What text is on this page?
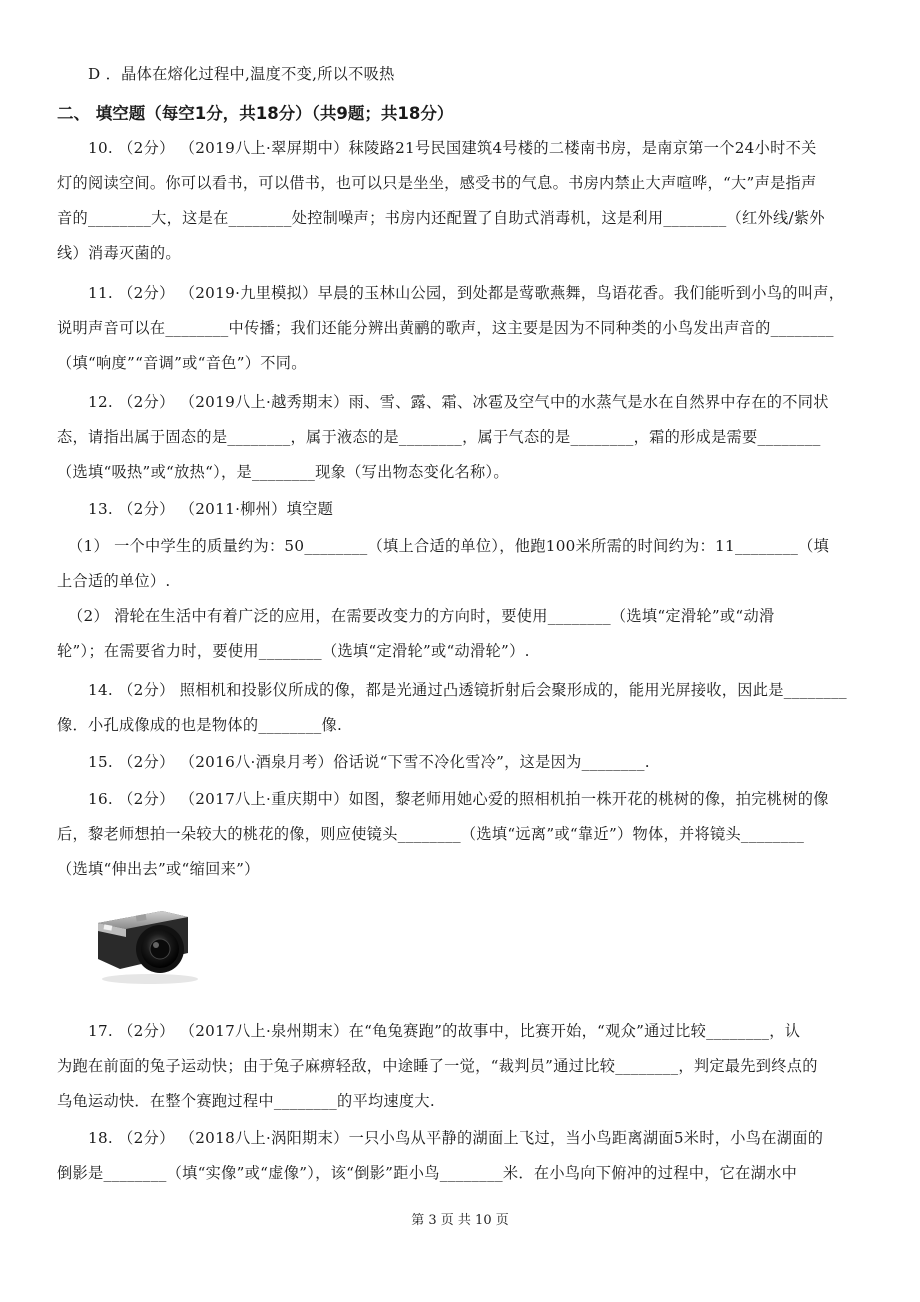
D ．晶体在熔化过程中,温度不变,所以不吸热
二、 填空题（每空1分，共18分）（共9题；共18分）
10. （2分） （2019八上·翠屏期中）秣陵路21号民国建筑4号楼的二楼南书房，是南京第一个24小时不关
灯的阅读空间。你可以看书，可以借书，也可以只是坐坐，感受书的气息。书房内禁止大声喧哗，“大”声是指声
音的________大，这是在________处控制噪声；书房内还配置了自助式消毒机，这是利用________（红外线/紫外
线）消毒灭菌的。
11. （2分） （2019·九里模拟）早晨的玉林山公园，到处都是莺歌燕舞，鸟语花香。我们能听到小鸟的叫声，
说明声音可以在________中传播；我们还能分辨出黄鹂的歌声，这主要是因为不同种类的小鸟发出声音的________
（填“响度”“音调”或“音色”）不同。
12. （2分） （2019八上·越秀期末）雨、雪、露、霜、冰雹及空气中的水蒸气是水在自然界中存在的不同状
态，请指出属于固态的是________，属于液态的是________，属于气态的是________，霜的形成是需要________
（选填“吸热”或“放热“），是________现象（写出物态变化名称）。
13. （2分） （2011·柳州）填空题
（1） 一个中学生的质量约为：50________（填上合适的单位），他跑100米所需的时间约为：11________（填
上合适的单位）.
（2） 滑轮在生活中有着广泛的应用，在需要改变力的方向时，要使用________（选填“定滑轮”或“动滑
轮”）；在需要省力时，要使用________（选填“定滑轮”或“动滑轮”）.
14. （2分） 照相机和投影仪所成的像，都是光通过凸透镜折射后会聚形成的，能用光屏接收，因此是________
像．小孔成像成的也是物体的________像.
15. （2分） （2016八·酒泉月考）俗话说“下雪不冷化雪冷”，这是因为________.
16. （2分） （2017八上·重庆期中）如图，黎老师用她心爱的照相机拍一株开花的桃树的像，拍完桃树的像
后，黎老师想拍一朵较大的桃花的像，则应使镜头________（选填“远离”或“靠近”）物体，并将镜头________
（选填“伸出去”或“缩回来”）
17. （2分） （2017八上·泉州期末）在“龟兔赛跑”的故事中，比赛开始，“观众”通过比较________，认
为跑在前面的兔子运动快；由于兔子麻痹轻敌，中途睡了一觉，“裁判员”通过比较________，判定最先到终点的
乌龟运动快．在整个赛跑过程中________的平均速度大.
18. （2分） （2018八上·涡阳期末）一只小鸟从平静的湖面上飞过，当小鸟距离湖面5米时，小鸟在湖面的
倒影是________（填“实像”或“虚像”），该“倒影”距小鸟________米．在小鸟向下俯冲的过程中，它在湖水中
第 3 页 共 10 页
